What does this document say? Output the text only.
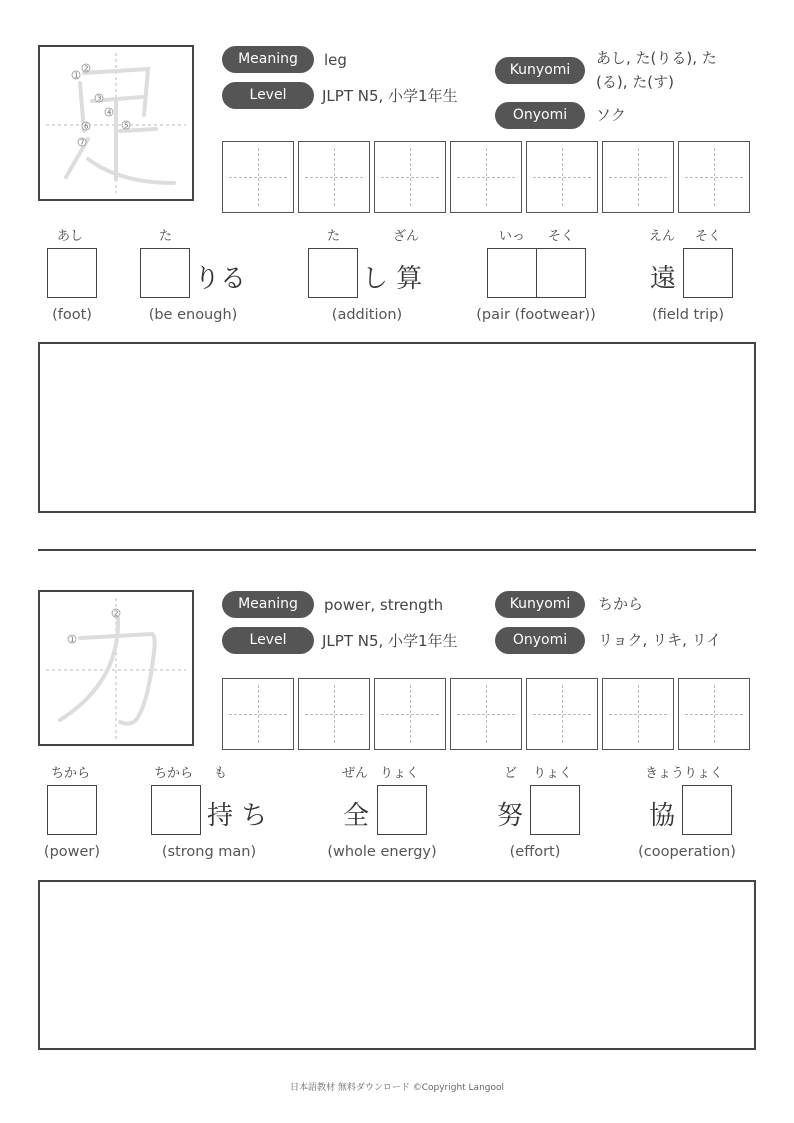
1
2
3
4
5
6
7
Meaning	leg
Level	JLPT N5, 小学1年生
Kunyomi
あし, た(りる), た
(る), た(す)
Onyomi	ソク
あし
(foot)
た
りる
(be enough)
た	ざん
し 算
(addition)
いっ そく
(pair (footwear))
えん そく
遠
(field trip)
1
2
Meaning	power, strength
Level	JLPT N5, 小学1年生
Kunyomi	ちから
Onyomi	リョク, リキ, リイ
ちから
(power)
ちから も
持 ち
(strong man)
ぜん りょく
全
(whole energy)
ど りょく
努
(effort)
きょうりょく
協
(cooperation)
日本語教材 無料ダウンロード ©Copyright Langool
